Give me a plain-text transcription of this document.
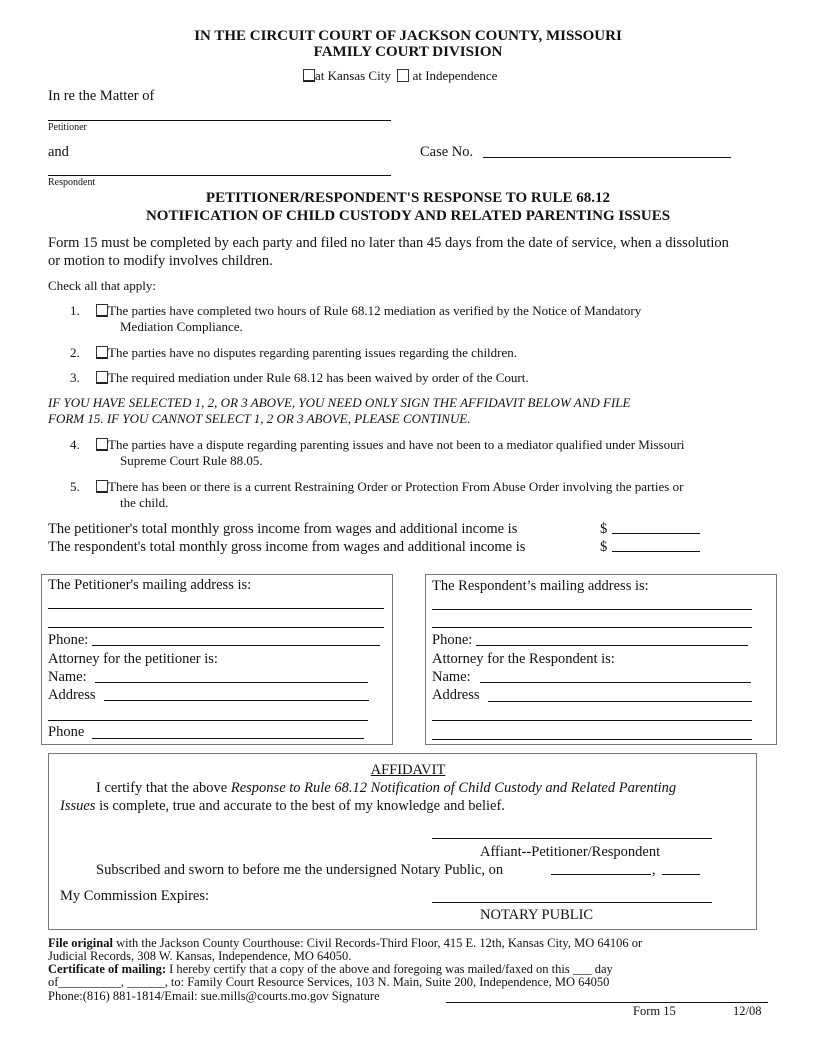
IN THE CIRCUIT COURT OF JACKSON COUNTY, MISSOURI
FAMILY COURT DIVISION
at Kansas City at Independence
In re the Matter of
Petitioner
and	Case No.
Respondent
PETITIONER/RESPONDENT'S RESPONSE TO RULE 68.12
NOTIFICATION OF CHILD CUSTODY AND RELATED PARENTING ISSUES
Form 15 must be completed by each party and filed no later than 45 days from the date of service, when a dissolution or motion to modify involves children.
Check all that apply:
1. The parties have completed two hours of Rule 68.12 mediation as verified by the Notice of Mandatory
Mediation Compliance.
2. The parties have no disputes regarding parenting issues regarding the children.
3. The required mediation under Rule 68.12 has been waived by order of the Court.
IF YOU HAVE SELECTED 1, 2, OR 3 ABOVE, YOU NEED ONLY SIGN THE AFFIDAVIT BELOW AND FILE
FORM 15. IF YOU CANNOT SELECT 1, 2 OR 3 ABOVE, PLEASE CONTINUE.
4. The parties have a dispute regarding parenting issues and have not been to a mediator qualified under Missouri
Supreme Court Rule 88.05.
5. There has been or there is a current Restraining Order or Protection From Abuse Order involving the parties or
the child.
The petitioner's total monthly gross income from wages and additional income is	$
The respondent's total monthly gross income from wages and additional income is	$
The Petitioner's mailing address is:
Phone:
Attorney for the petitioner is:
Name:
Address
Phone
The Respondent’s mailing address is:
Phone:
Attorney for the Respondent is:
Name:
Address
AFFIDAVIT
I certify that the above Response to Rule 68.12 Notification of Child Custody and Related Parenting
Issues is complete, true and accurate to the best of my knowledge and belief.
Affiant--Petitioner/Respondent
Subscribed and sworn to before me the undersigned Notary Public, on	,
My Commission Expires:
NOTARY PUBLIC
File original with the Jackson County Courthouse: Civil Records-Third Floor, 415 E. 12th, Kansas City, MO 64106 or
Judicial Records, 308 W. Kansas, Independence, MO 64050.
Certificate of mailing: I hereby certify that a copy of the above and foregoing was mailed/faxed on this ___ day
of__________, ______, to: Family Court Resource Services, 103 N. Main, Suite 200, Independence, MO 64050
Phone:(816) 881-1814/Email: sue.mills@courts.mo.gov Signature
Form 15	12/08
